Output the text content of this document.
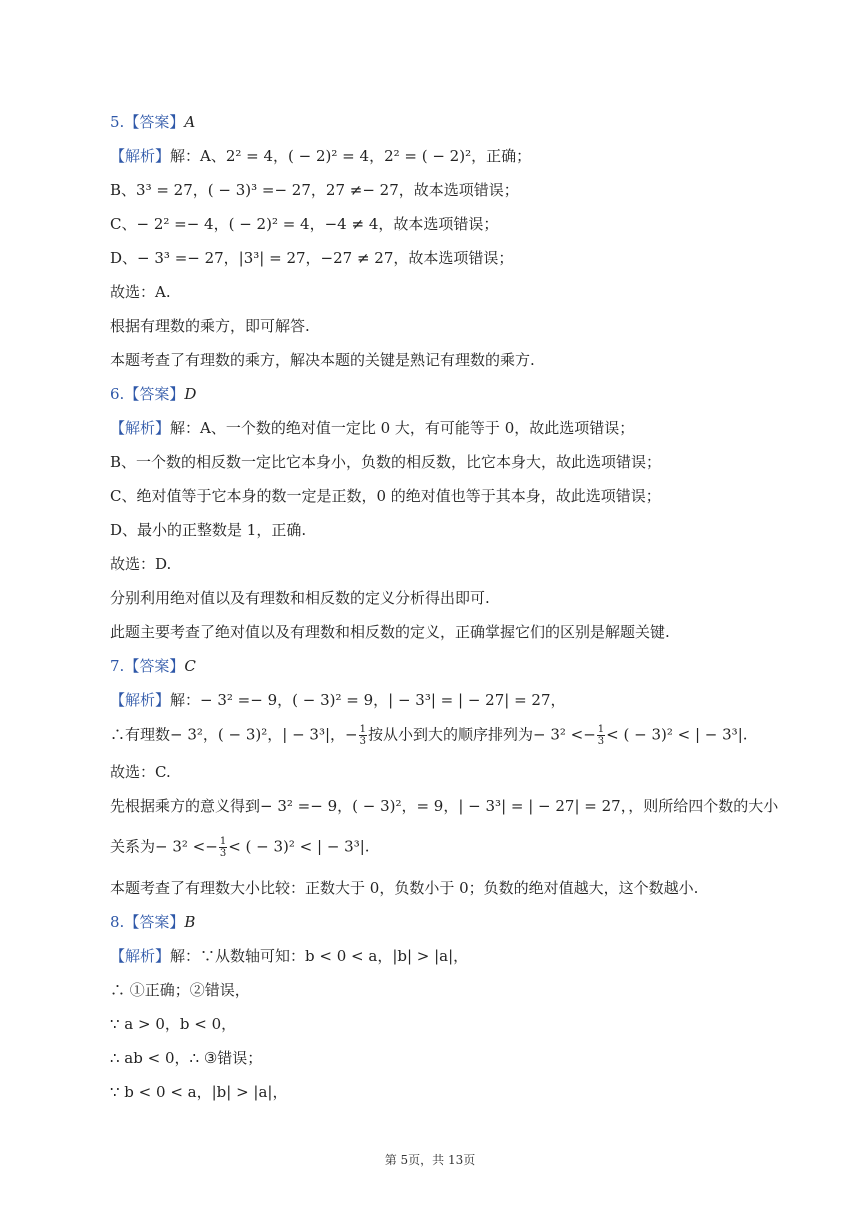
5.【答案】A
【解析】解：A、2² = 4，( − 2)² = 4，2² = ( − 2)²，正确；
B、3³ = 27，( − 3)³ =− 27，27 ≠− 27，故本选项错误；
C、− 2² =− 4，( − 2)² = 4，−4 ≠ 4，故本选项错误；
D、− 3³ =− 27，|3³| = 27，−27 ≠ 27，故本选项错误；
故选：A.
根据有理数的乘方，即可解答.
本题考查了有理数的乘方，解决本题的关键是熟记有理数的乘方.
6.【答案】D
【解析】解：A、一个数的绝对值一定比 0 大，有可能等于 0，故此选项错误；
B、一个数的相反数一定比它本身小，负数的相反数，比它本身大，故此选项错误；
C、绝对值等于它本身的数一定是正数，0 的绝对值也等于其本身，故此选项错误；
D、最小的正整数是 1，正确.
故选：D.
分别利用绝对值以及有理数和相反数的定义分析得出即可.
此题主要考查了绝对值以及有理数和相反数的定义，正确掌握它们的区别是解题关键.
7.【答案】C
【解析】解：− 3² =− 9，( − 3)² = 9，| − 3³| = | − 27| = 27，
∴有理数− 3²，( − 3)²，| − 3³|，− $\frac{1}{3}$ 按从小到大的顺序排列为− $3^2 <- \frac{1}{3}$ < ( − 3)² < | − 3³|.
故选：C.
先根据乘方的意义得到− 3² =− 9，( − 3)²，= 9，| − 3³| = | − 27| = 27，，则所给四个数的大小
关系为− $3^2 <- \frac{1}{3}$ < ( − 3)² < | − 3³|.
本题考查了有理数大小比较：正数大于 0，负数小于 0；负数的绝对值越大，这个数越小.
8.【答案】B
【解析】解：∵从数轴可知：b < 0 < a，|b| > |a|，
∴ ①正确；②错误，
∵ a > 0，b < 0，
∴ ab < 0，∴ ③错误；
∵ b < 0 < a，|b| > |a|，
第 5页，共 13页
